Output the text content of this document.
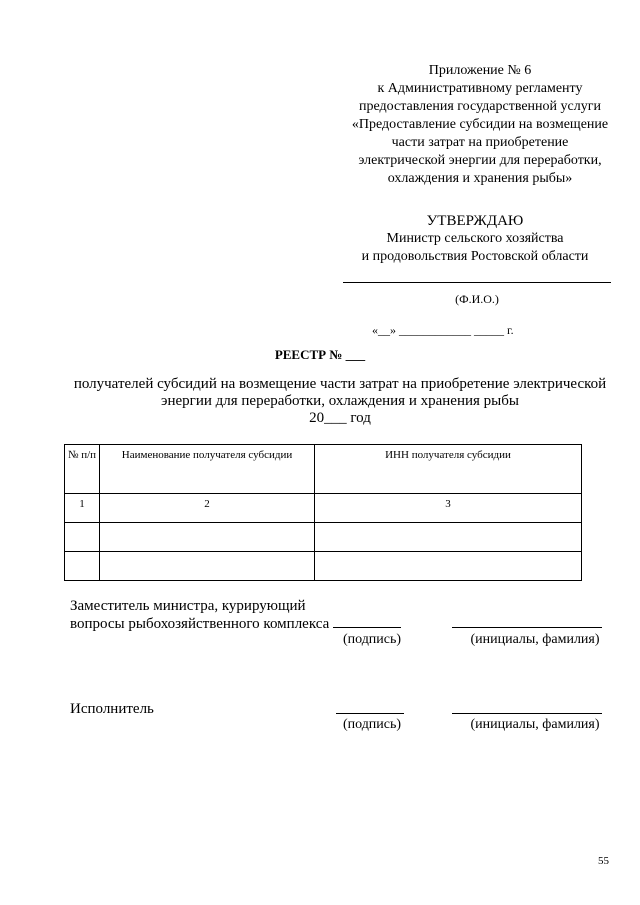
Приложение № 6
к Административному регламенту
предоставления государственной услуги
«Предоставление субсидии на возмещение
части затрат на приобретение
электрической энергии для переработки,
охлаждения и хранения рыбы»
УТВЕРЖДАЮ
Министр сельского хозяйства
и продовольствия Ростовской области
(Ф.И.О.)
«__» ____________ _____ г.
РЕЕСТР № ___
получателей субсидий на возмещение части затрат на приобретение электрической
энергии для переработки, охлаждения и хранения рыбы
20___ год
№ п/п	Наименование получателя субсидии	ИНН получателя субсидии
1	2	3

Заместитель министра, курирующий
вопросы рыбохозяйственного комплекса
(подпись)	(инициалы, фамилия)
Исполнитель
(подпись)	(инициалы, фамилия)
55
